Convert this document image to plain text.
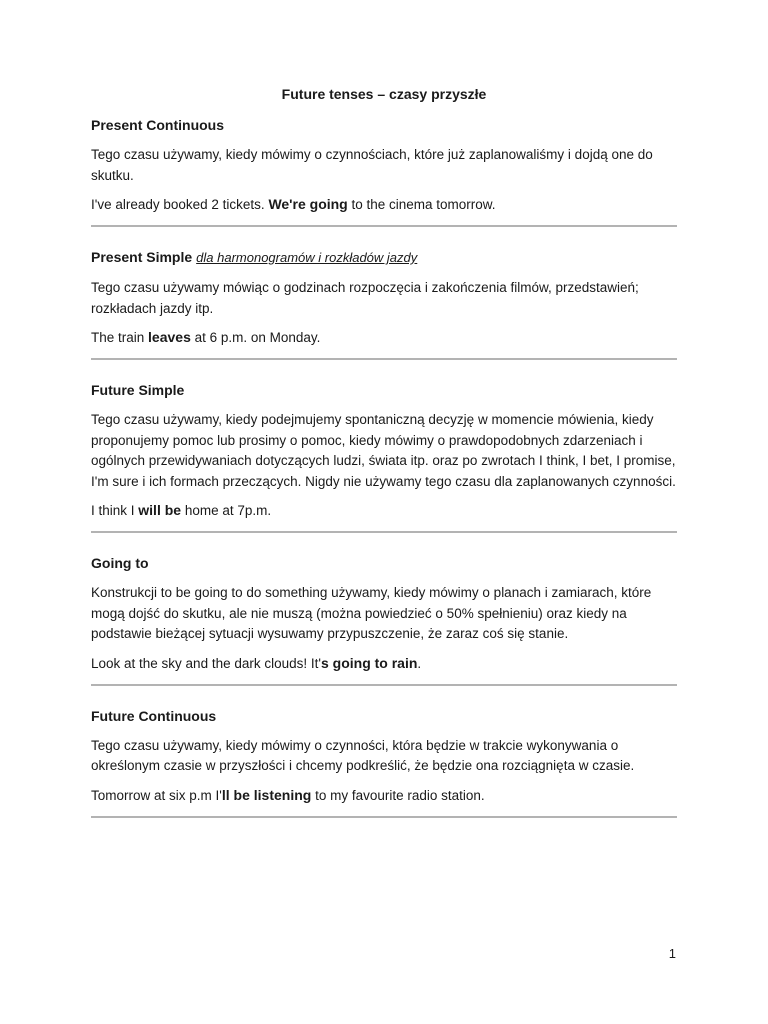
Future tenses – czasy przyszłe

Present Continuous

Tego czasu używamy, kiedy mówimy o czynnościach, które już zaplanowaliśmy i dojdą one do skutku.

I've already booked 2 tickets. We're going to the cinema tomorrow.

Present Simple dla harmonogramów i rozkładów jazdy

Tego czasu używamy mówiąc o godzinach rozpoczęcia i zakończenia filmów, przedstawień; rozkładach jazdy itp.

The train leaves at 6 p.m. on Monday.

Future Simple

Tego czasu używamy, kiedy podejmujemy spontaniczną decyzję w momencie mówienia, kiedy proponujemy pomoc lub prosimy o pomoc, kiedy mówimy o prawdopodobnych zdarzeniach i ogólnych przewidywaniach dotyczących ludzi, świata itp. oraz po zwrotach I think, I bet, I promise, I'm sure i ich formach przeczących. Nigdy nie używamy tego czasu dla zaplanowanych czynności.

I think I will be home at 7p.m.

Going to

Konstrukcji to be going to do something używamy, kiedy mówimy o planach i zamiarach, które mogą dojść do skutku, ale nie muszą (można powiedzieć o 50% spełnieniu) oraz kiedy na podstawie bieżącej sytuacji wysuwamy przypuszczenie, że zaraz coś się stanie.

Look at the sky and the dark clouds! It's going to rain.

Future Continuous

Tego czasu używamy, kiedy mówimy o czynności, która będzie w trakcie wykonywania o określonym czasie w przyszłości i chcemy podkreślić, że będzie ona rozciągnięta w czasie.

Tomorrow at six p.m I'll be listening to my favourite radio station.

1
